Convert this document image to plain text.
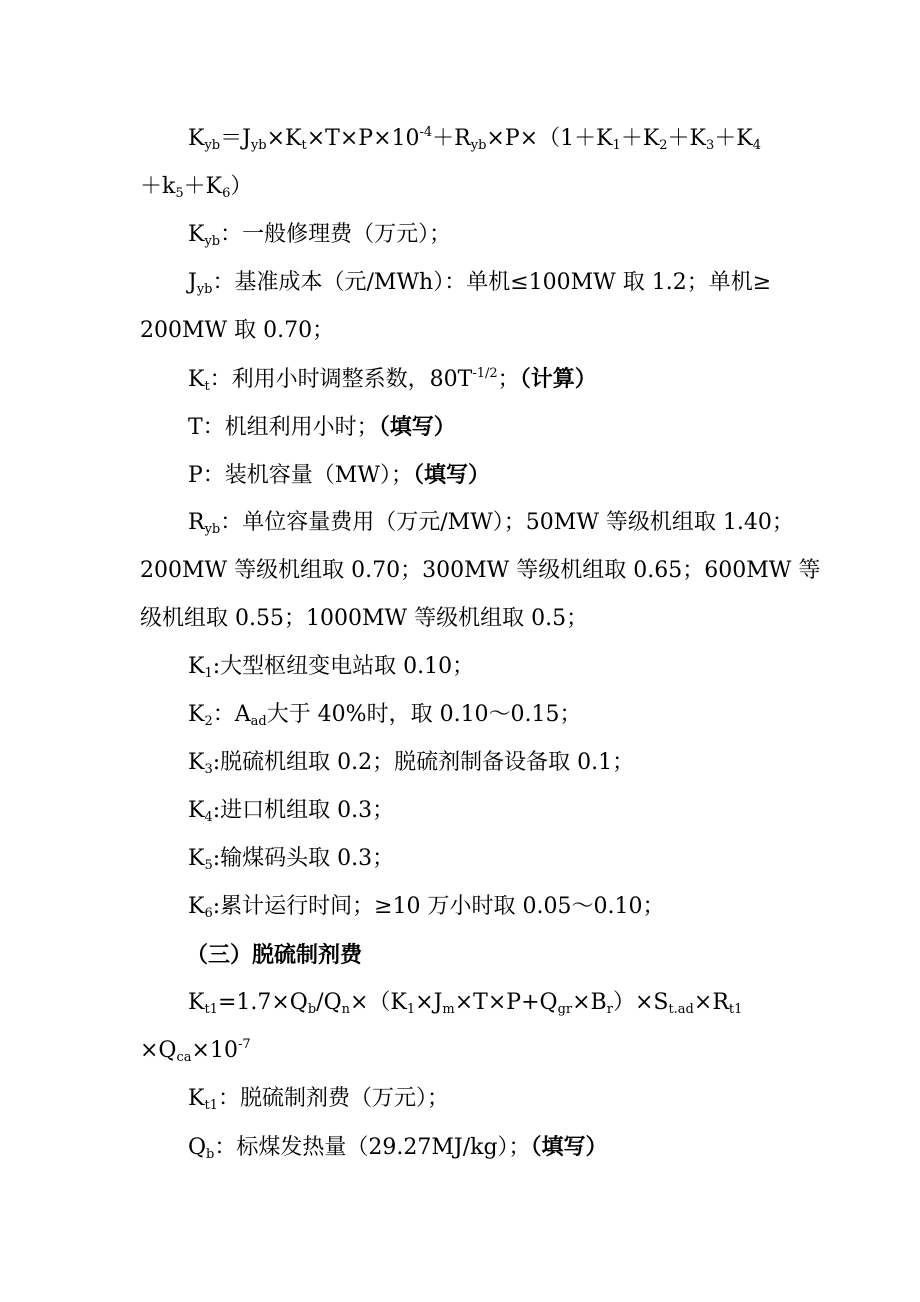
$K_{yb}=J_{yb}\times K_t\times T\times P\times 10^{-4}+R_{yb}\times P\times(1+K_1+K_2+K_3+K_4$
$+k_5+K_6$）
$K_{yb}$：一般修理费（万元）；
$J_{yb}$：基准成本（元/MWh）：单机≤100MW 取 1.2；单机≥
200MW 取 0.70；
$K_t$：利用小时调整系数，$80T^{-1/2}$；（计算）
T：机组利用小时；（填写）
P：装机容量（MW）；（填写）
$R_{yb}$：单位容量费用（万元/MW）；50MW 等级机组取 1.40；
200MW 等级机组取 0.70；300MW 等级机组取 0.65；600MW 等
级机组取 0.55；1000MW 等级机组取 0.5；
$K_1$:大型枢纽变电站取 0.10；
$K_2$：$A_{ad}$大于 40%时，取 0.10～0.15；
$K_3$:脱硫机组取 0.2；脱硫剂制备设备取 0.1；
$K_4$:进口机组取 0.3；
$K_5$:输煤码头取 0.3；
$K_6$:累计运行时间；≥10 万小时取 0.05～0.10；
（三）脱硫制剂费
$K_{t1}=1.7\times Q_b/Q_n\times(K_1\times J_m\times T\times P+Q_{gr}\times B_r)\times S_{t.ad}\times R_{t1}$
$\times Q_{ca}\times 10^{-7}$
$K_{t1}$：脱硫制剂费（万元）；
$Q_b$：标煤发热量（29.27MJ/kg）；（填写）
